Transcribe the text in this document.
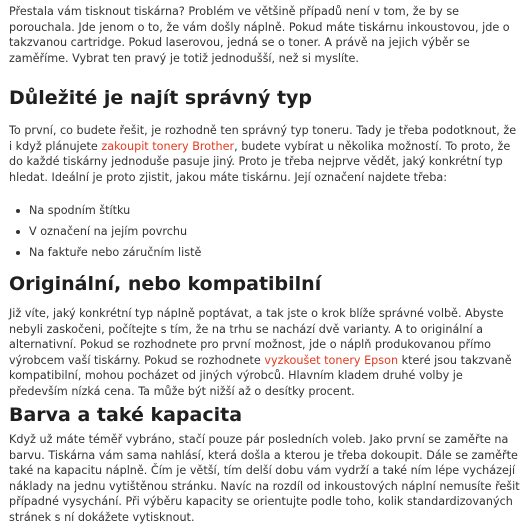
Přestala vám tisknout tiskárna? Problém ve většině případů není v tom, že by se porouchala. Jde jenom o to, že vám došly náplně. Pokud máte tiskárnu inkoustovou, jde o takzvanou cartridge. Pokud laserovou, jedná se o toner. A právě na jejich výběr se zaměříme. Vybrat ten pravý je totiž jednodušší, než si myslíte.

Důležité je najít správný typ

To první, co budete řešit, je rozhodně ten správný typ toneru. Tady je třeba podotknout, že i když plánujete zakoupit tonery Brother, budete vybírat u několika možností. To proto, že do každé tiskárny jednoduše pasuje jiný. Proto je třeba nejprve vědět, jaký konkrétní typ hledat. Ideální je proto zjistit, jakou máte tiskárnu. Její označení najdete třeba:

Na spodním štítku
V označení na jejím povrchu
Na faktuře nebo záručním listě
Originální, nebo kompatibilní

Již víte, jaký konkrétní typ náplně poptávat, a tak jste o krok blíže správné volbě. Abyste nebyli zaskočeni, počítejte s tím, že na trhu se nachází dvě varianty. A to originální a alternativní. Pokud se rozhodnete pro první možnost, jde o náplň produkovanou přímo výrobcem vaší tiskárny. Pokud se rozhodnete vyzkoušet tonery Epson které jsou takzvaně kompatibilní, mohou pocházet od jiných výrobců. Hlavním kladem druhé volby je především nízká cena. Ta může být nižší až o desítky procent.

Barva a také kapacita

Když už máte téměř vybráno, stačí pouze pár posledních voleb. Jako první se zaměřte na barvu. Tiskárna vám sama nahlásí, která došla a kterou je třeba dokoupit. Dále se zaměřte také na kapacitu náplně. Čím je větší, tím delší dobu vám vydrží a také ním lépe vycházejí náklady na jednu vytištěnou stránku. Navíc na rozdíl od inkoustových náplní nemusíte řešit případné vysychání. Při výběru kapacity se orientujte podle toho, kolik standardizovaných stránek s ní dokážete vytisknout.
